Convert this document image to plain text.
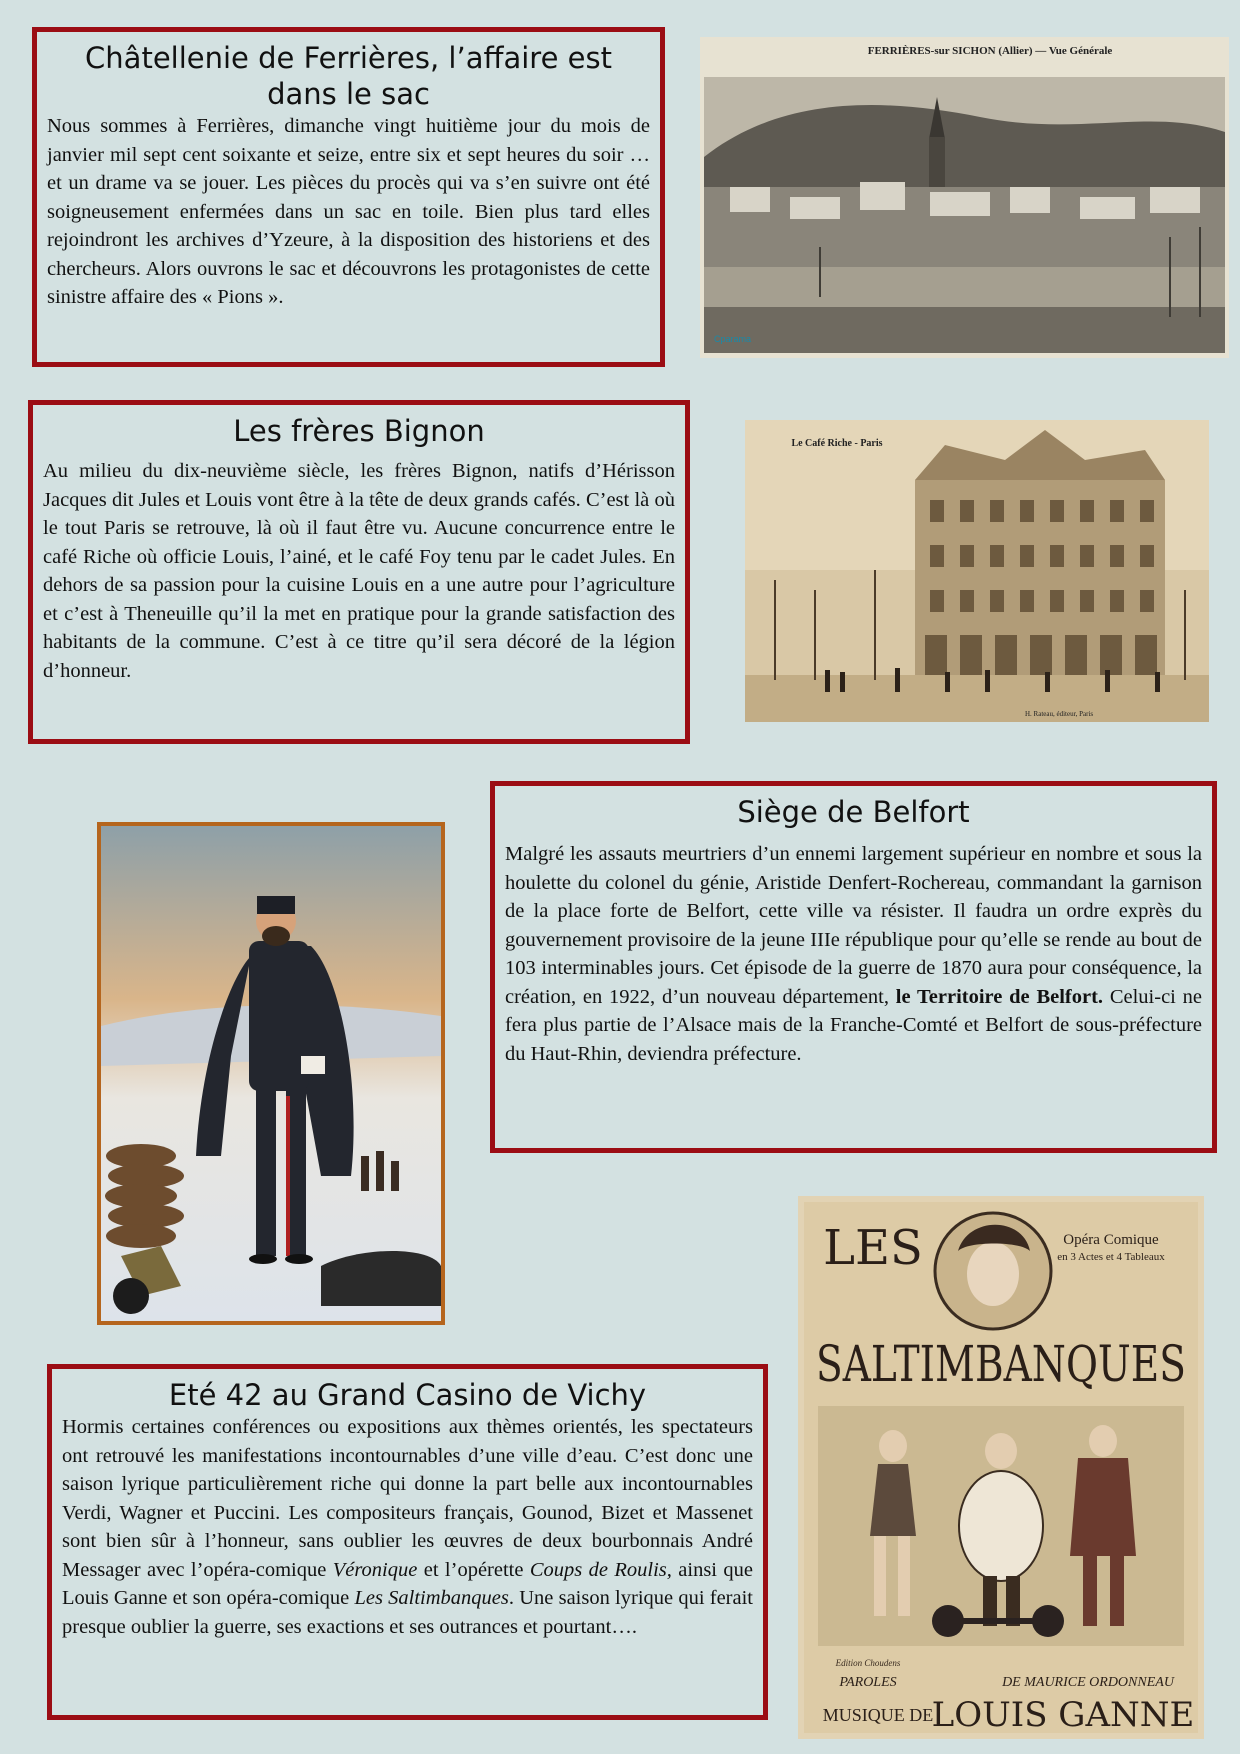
Châtellenie de Ferrières, l’affaire est dans le sac

Nous sommes à Ferrières, dimanche vingt huitième jour du mois de janvier mil sept cent soixante et seize, entre six et sept heures du soir … et un drame va se jouer. Les pièces du procès qui va s’en suivre ont été soigneusement enfermées dans un sac en toile. Bien plus tard elles rejoindront les archives d’Yzeure, à la disposition des historiens et des chercheurs. Alors ouvrons le sac et découvrons les protagonistes de cette sinistre affaire des « Pions ».

FERRIÈRES-sur SICHON (Allier) — Vue Générale
Cparama
Les frères Bignon

Au milieu du dix-neuvième siècle, les frères Bignon, natifs d’Hérisson Jacques dit Jules et Louis vont être à la tête de deux grands cafés. C’est là où le tout Paris se retrouve, là où il faut être vu. Aucune concurrence entre le café Riche où officie Louis, l’ainé, et le café Foy tenu par le cadet Jules. En dehors de sa passion pour la cuisine Louis en a une autre pour l’agriculture et c’est à Theneuille qu’il la met en pratique pour la grande satisfaction des habitants de la commune. C’est à ce titre qu’il sera décoré de la légion d’honneur.

Le Café Riche - Paris
H. Rateau, éditeur, Paris
Siège de Belfort

Malgré les assauts meurtriers d’un ennemi largement supérieur en nombre et sous la houlette du colonel du génie, Aristide Denfert-Rochereau, commandant la garnison de la place forte de Belfort, cette ville va résister. Il faudra un ordre exprès du gouvernement provisoire de la jeune IIIe république pour qu’elle se rende au bout de 103 interminables jours. Cet épisode de la guerre de 1870 aura pour conséquence, la création, en 1922, d’un nouveau département, le Territoire de Belfort. Celui-ci ne fera plus partie de l’Alsace mais de la Franche-Comté et Belfort de sous-préfecture du Haut-Rhin, deviendra préfecture.

Eté 42 au Grand Casino de Vichy

Hormis certaines conférences ou expositions aux thèmes orientés, les spectateurs ont retrouvé les manifestations incontournables d’une ville d’eau. C’est donc une saison lyrique particulièrement riche qui donne la part belle aux incontournables Verdi, Wagner et Puccini. Les compositeurs français, Gounod, Bizet et Massenet sont bien sûr à l’honneur, sans oublier les œuvres de deux bourbonnais André Messager avec l’opéra-comique Véronique et l’opérette Coups de Roulis, ainsi que Louis Ganne et son opéra-comique Les Saltimbanques. Une saison lyrique qui ferait presque oublier la guerre, ses exactions et ses outrances et pourtant….

LES	Opéra Comique
en 3 Actes et 4 Tableaux
SALTIMBANQUES
Edition Choudens
PAROLES	DE MAURICE ORDONNEAU
MUSIQUE DE
LOUIS GANNE
